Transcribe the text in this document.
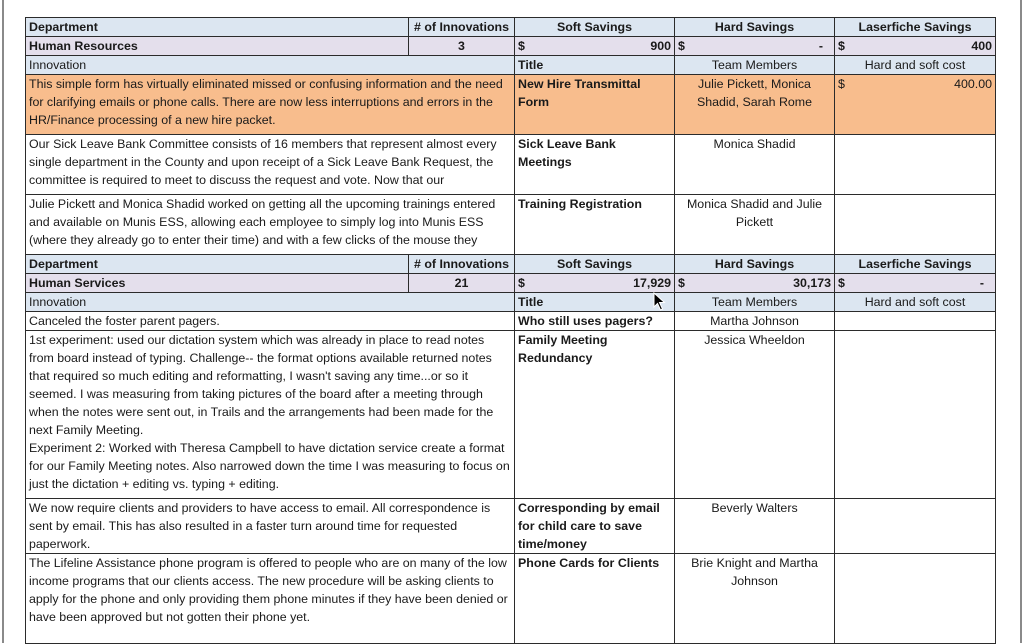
Department	# of Innovations	Soft Savings	Hard Savings	Laserfiche Savings
Human Resources	3	$ 900	$ -	$ 400

Innovation		Title	Team Members	Hard and soft cost
This simple form has virtually eliminated missed or confusing information and the need for clarifying emails or phone calls. There are now less interruptions and errors in the HR/Finance processing of a new hire packet.		New Hire Transmittal Form	Julie Pickett, Monica Shadid, Sarah Rome	$ 400.00

Our Sick Leave Bank Committee consists of 16 members that represent almost every single department in the County and upon receipt of a Sick Leave Bank Request, the committee is required to meet to discuss the request and vote. Now that our		Sick Leave Bank Meetings	Monica Shadid	
Julie Pickett and Monica Shadid worked on getting all the upcoming trainings entered and available on Munis ESS, allowing each employee to simply log into Munis ESS (where they already go to enter their time) and with a few clicks of the mouse they		Training Registration	Monica Shadid and Julie Pickett	
Department	# of Innovations	Soft Savings	Hard Savings	Laserfiche Savings
Human Services	21	$ 17,929	$ 30,173	$ -

Innovation		Title	Team Members	Hard and soft cost
Canceled the foster parent pagers.		Who still uses pagers?	Martha Johnson	

1st experiment: used our dictation system which was already in place to read notes from board instead of typing. Challenge-- the format options available returned notes that required so much editing and reformatting, I wasn't saving any time...or so it seemed. I was measuring from taking pictures of the board after a meeting through when the notes were sent out, in Trails and the arrangements had been made for the next Family Meeting.
Experiment 2: Worked with Theresa Campbell to have dictation service create a format for our Family Meeting notes. Also narrowed down the time I was measuring to focus on just the dictation + editing vs. typing + editing.		Family Meeting Redundancy	Jessica Wheeldon	
We now require clients and providers to have access to email. All correspondence is sent by email. This has also resulted in a faster turn around time for requested paperwork.		Corresponding by email for child care to save time/money	Beverly Walters	
The Lifeline Assistance phone program is offered to people who are on many of the low income programs that our clients access. The new procedure will be asking clients to apply for the phone and only providing them phone minutes if they have been denied or have been approved but not gotten their phone yet.		Phone Cards for Clients	Brie Knight and Martha Johnson	
